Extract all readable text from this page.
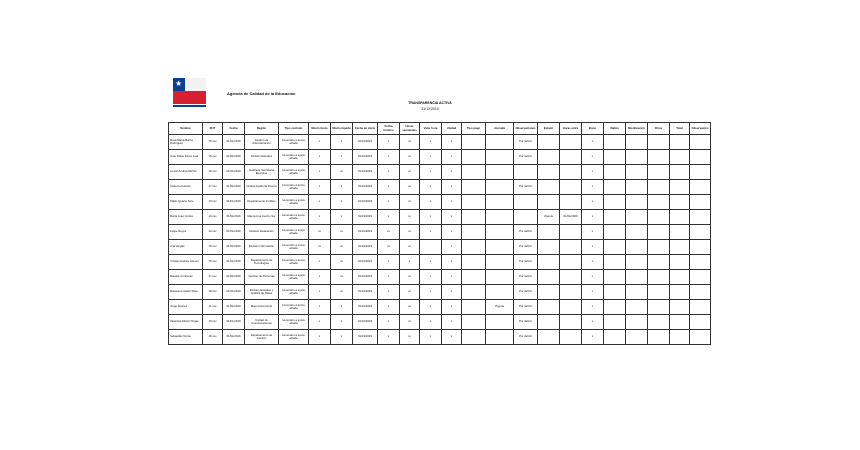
★
Agencia de Calidad de la Educación
TRANSPARENCIA ACTIVA
31/12/2019
Nombre	RUT	Fecha	Región	Tipo contrato	Monto bruto	Monto líquido	Fecha de inicio	Fecha término	Horas semanales	Valor hora	Unidad	Tipo pago	Jornada	Observaciones	Estado	Horas extra	Bono	Viático	Movilización	Otros	Total	Observación
Rosa María Barría Rodríguez	15.xxx	01/01/2019	Gestión de Administración	Honorario a suma alzada	x	x	01/01/2019	x	xx	x	x			Por definir			x					
Juan Pablo Pérez Leal	15.xxx	01/01/2019	División Estudios	Honorario a suma alzada	x	x	01/01/2019	x	xx	x	x			Por definir			x					
Loreto Andrea Muñoz	16.xxx	01/01/2019	Gabinete Secretaría Ejecutiva	Honorario a suma alzada	x	xx	01/01/2019	x	xx	x	x						x					
Carla Fernández	17.xxx	01/01/2019	Unidad Auditoría Interna	Honorario a suma alzada	x	x	01/01/2019	x	xx	x	x			Por definir			x					
Pablo Ignacio Soto	13.xxx	01/01/2019	Departamento Jurídico	Honorario a suma alzada	x	x	01/01/2019	x	xx	x	x						x					
María José Cortés	14.xxx	01/01/2019	Macrozona Centro Sur	Honorario a suma alzada	x	x	01/01/2019	x	xx	x	x				Vigente	01/01/2020	x					
Felipe Reyes	12.xxx	01/01/2019	División Evaluación	Honorario a suma alzada	xx	xx	01/01/2019	xx	xx	x	x			Por definir			x					
Ana Vargas	16.xxx	01/01/2019	División Información	Honorario a suma alzada	xx	xx	01/01/2019	xx	xx		x			Por definir			x					
Cristian Andrés Gómez	15.xxx	01/01/2019	Departamento de Tecnologías	Honorario a suma alzada	x	xx	01/01/2019	x	x	x	x			Por definir			x					
Daniela Contreras	17.xxx	01/01/2019	Gestión de Personas	Honorario a suma alzada	x	xx	01/01/2019	x	xx	x	x			Por definir			x					
Macarena Isabel Silva	18.xxx	01/01/2019	División Estudios y Análisis de Datos	Honorario a suma alzada	x	xx	01/01/2019	x	xx	x	x			Por definir			x					
Jorge Álvarez	11.xxx	01/01/2019	Macrozona Norte	Honorario a suma alzada	x	x	01/01/2019	x	xx	x	x		Vigente	Por definir			x					
Valentina Muñoz Rojas	19.xxx	01/01/2019	Unidad de Comunicaciones	Honorario a suma alzada	x	x	01/01/2019	x	xx	x	x			Por definir			x					
Sebastián Torres	16.xxx	01/01/2019	Departamento de Gestión	Honorario a suma alzada	x	x	01/01/2019	x	xx	x	x			Por definir			x					
